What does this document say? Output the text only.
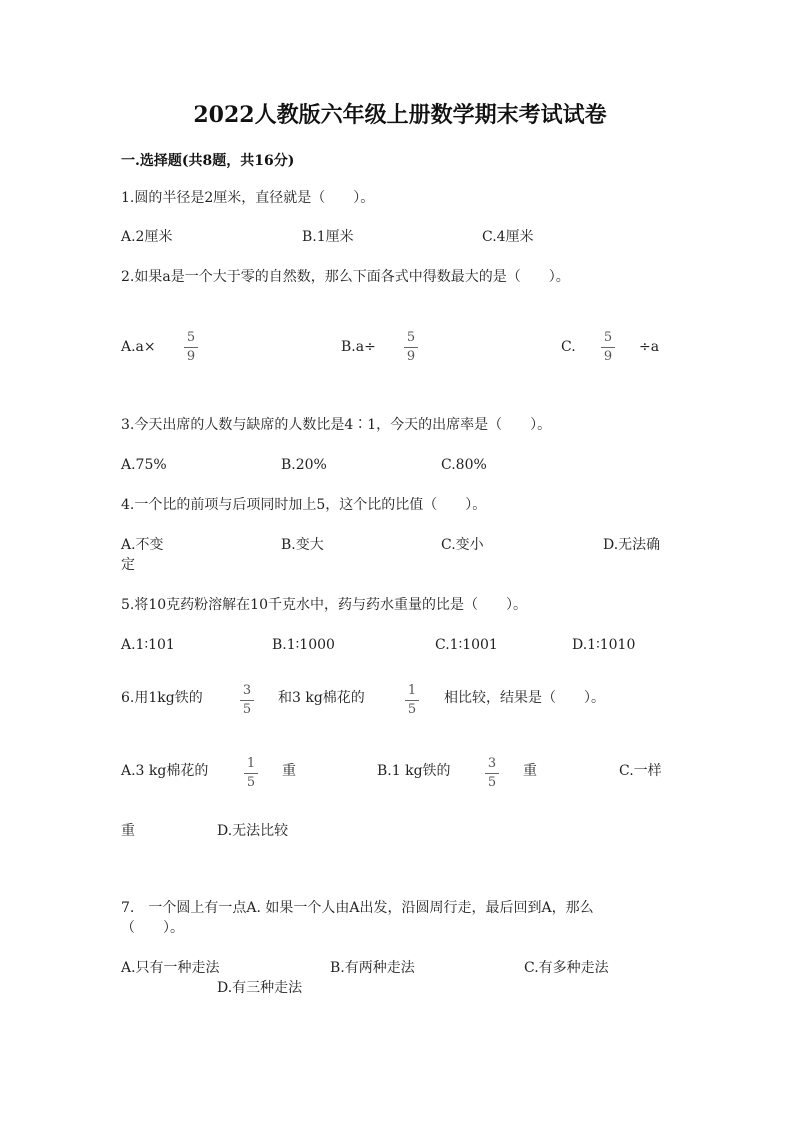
2022人教版六年级上册数学期末考试试卷
一.选择题(共8题，共16分)
1.圆的半径是2厘米，直径就是（　　）。
A.2厘米	B.1厘米	C.4厘米
2.如果a是一个大于零的自然数，那么下面各式中得数最大的是（　　）。
A.a×
5
9
B.a÷
5
9
C.
5
9
÷a
3.今天出席的人数与缺席的人数比是4∶1，今天的出席率是（　　）。
A.75%	B.20%	C.80%
4.一个比的前项与后项同时加上5，这个比的比值（　　）。
A.不变	B.变大	C.变小	D.无法确
定
5.将10克药粉溶解在10千克水中，药与药水重量的比是（　　）。
A.1∶101	B.1∶1000	C.1∶1001	D.1∶1010
6.用1kg铁的	3
5
和3 kg棉花的	1
5
相比较，结果是（　　）。
A.3 kg棉花的	1
5
重	B.1 kg铁的	3
5
重	C.一样
重	D.无法比较
7.　一个圆上有一点A. 如果一个人由A出发，沿圆周行走，最后回到A，那么
（　　）。
A.只有一种走法	B.有两种走法	C.有多种走法
D.有三种走法
